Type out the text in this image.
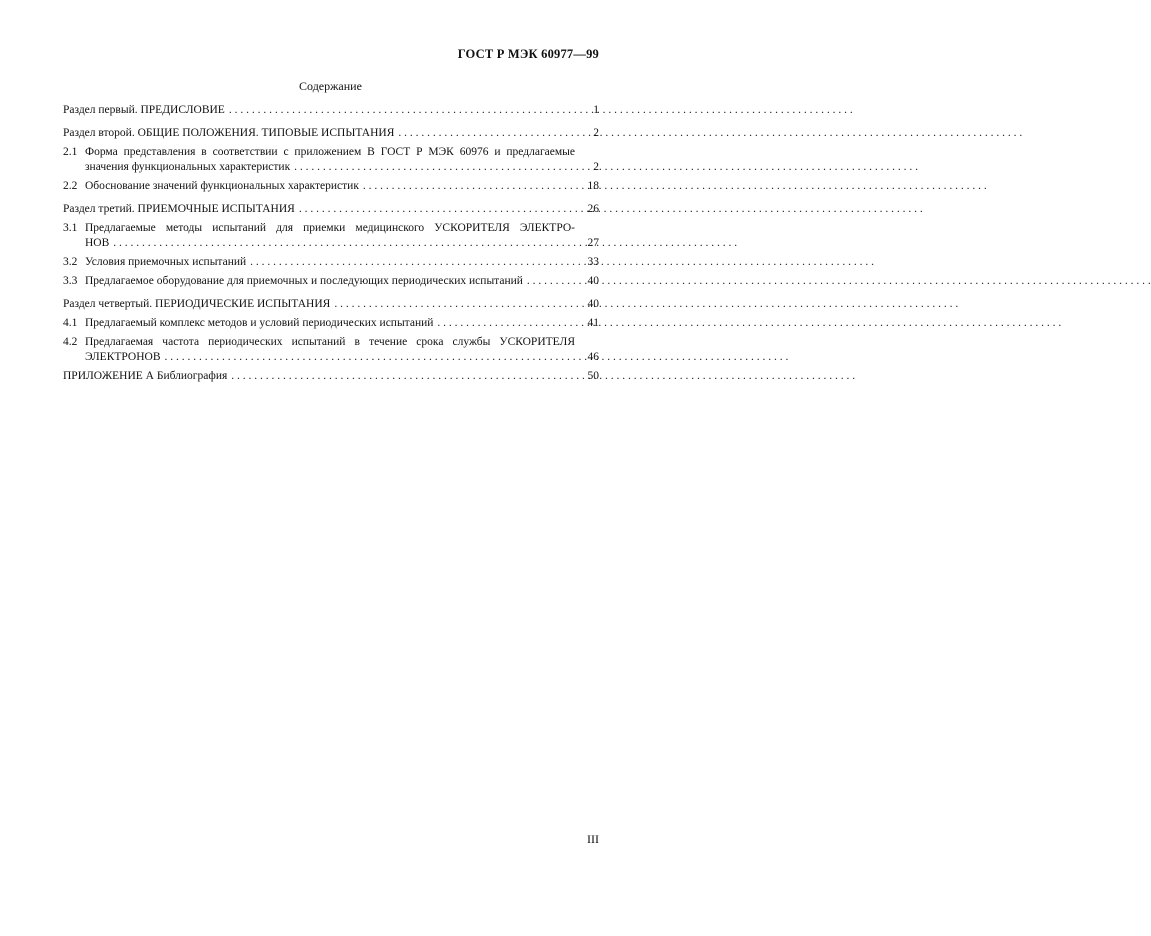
ГОСТ Р МЭК 60977—99
Содержание
Раздел первый. ПРЕДИСЛОВИЕ . . .	1
Раздел второй. ОБЩИЕ ПОЛОЖЕНИЯ. ТИПОВЫЕ ИСПЫТАНИЯ . . .	2
2.1 Форма представления в соответствии с приложением В ГОСТ Р МЭК 60976 и предлагаемые
значения функциональных характеристик . . .	2
2.2 Обоснование значений функциональных характеристик . . .	18
Раздел третий. ПРИЕМОЧНЫЕ ИСПЫТАНИЯ . . .	26
3.1 Предлагаемые методы испытаний для приемки медицинского УСКОРИТЕЛЯ ЭЛЕКТРО-
НОВ . . .	27
3.2 Условия приемочных испытаний . . .	33
3.3 Предлагаемое оборудование для приемочных и последующих периодических испытаний . . .	40
Раздел четвертый. ПЕРИОДИЧЕСКИЕ ИСПЫТАНИЯ . . .	40
4.1 Предлагаемый комплекс методов и условий периодических испытаний . . .	41
4.2 Предлагаемая частота периодических испытаний в течение срока службы УСКОРИТЕЛЯ
ЭЛЕКТРОНОВ . . .	46
ПРИЛОЖЕНИЕ А Библиография . . .	50
III
